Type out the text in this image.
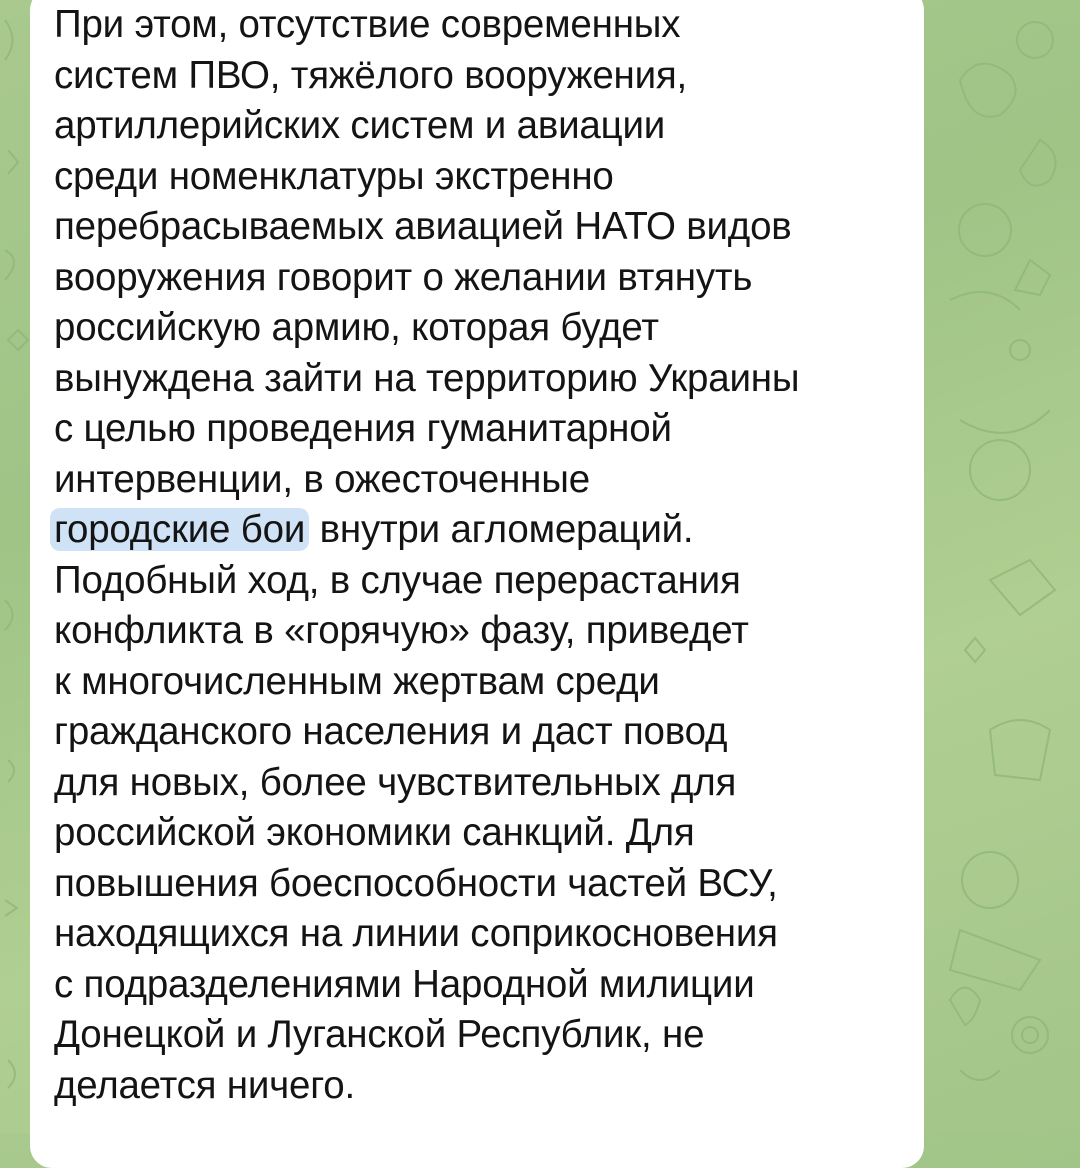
При этом, отсутствие современных
систем ПВО, тяжёлого вооружения,
артиллерийских систем и авиации
среди номенклатуры экстренно
перебрасываемых авиацией НАТО видов
вооружения говорит о желании втянуть
российскую армию, которая будет
вынуждена зайти на территорию Украины
с целью проведения гуманитарной
интервенции, в ожесточенные
городские бои внутри агломераций.
Подобный ход, в случае перерастания
конфликта в «горячую» фазу, приведет
к многочисленным жертвам среди
гражданского населения и даст повод
для новых, более чувствительных для
российской экономики санкций. Для
повышения боеспособности частей ВСУ,
находящихся на линии соприкосновения
с подразделениями Народной милиции
Донецкой и Луганской Республик, не
делается ничего.
